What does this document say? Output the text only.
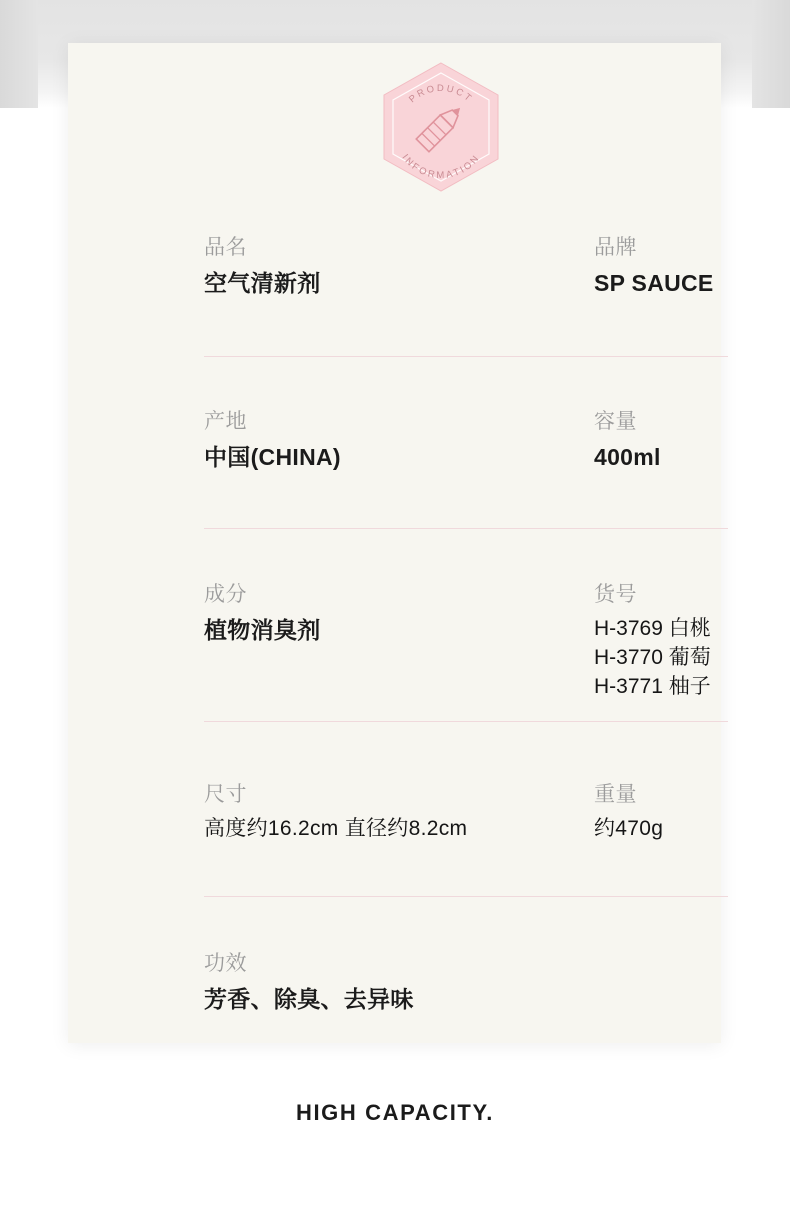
PRODUCT
INFORMATION
品名
空气清新剂
品牌
SP SAUCE
产地
中国(CHINA)
容量
400ml
成分
植物消臭剂
货号
H-3769 白桃
H-3770 葡萄
H-3771 柚子
尺寸
高度约16.2cm 直径约8.2cm
重量
约470g
功效
芳香、除臭、去异味
HIGH CAPACITY.
